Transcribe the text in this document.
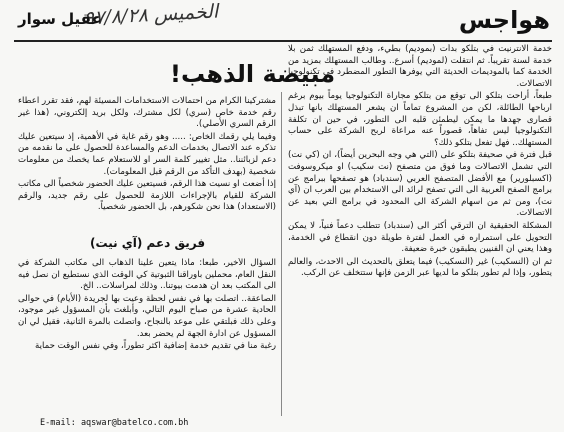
الخميس ٩٧/٨/٢٨	هواجس
عقيل سوار
مبيضة الذهب!

خدمة الانترنيت في بتلكو بدأت (بموديم) بطيء، ودفع المستهلك ثمن بلا خدمة لسنة تقريباً. ثم انتقلت (لموديم) أسرع.. وطالب المستهلك بمزيد من الخدمة كما بالموديمات الحديثة التي يوفرها التطور المضطرد في تكنولوجيا الاتصالات.

طبعاً، أراحت بتلكو الى توقع من بتلكو مجاراة التكنولوجيا يوماً بيوم برغم ارباحها الطائلة، لكن من المشروع تماماً ان يشعر المستهلك بانها تبذل قصارى جهدها ما يمكن ليطمئن قلبه الى التطور، في حين ان تكلفة التكنولوجيا ليس تفاهاً، قصوراً عنه مراعاة لربح الشركة على حساب المستهلك.. فهل تفعل بتلكو ذلك؟

قبل فترة في صحيفة بتلكو على (التي هي وجه البحرين أيضاً)، ان (كي نت) التي تشمل الاتصالات وما فوق من متصفح (نت سكيب) او ميكروسوفت (اكسبلورير) مع الأفضل المتصفح العربي (سندباد) هو تصفحها ببرامج عن برامج الصفح العربية الى التي تصفح لرائد الى الاستخدام بين العرب ان (آي نت)، ومن ثم من اسهام الشركة الى المحدود في برامج التي بعيد عن الاتصالات.

المشكلة الحقيقية ان الترقي أكثر الى (سندباد) تتطلب دعماً فنياً، لا يمكن التحويل على استمراره في العمل لفترة طويلة دون انقطاع في الخدمة، وهذا يعني ان الفنيين يطبقون خبرة ضعيفة.

ثم ان (النسكيب) غير (النسكيب) فيما يتعلق بالتحديث الى الاحدث، والعالم يتطور، وإذا لم تطور بتلكو ما لديها عبر الزمن فإنها ستتخلف عن الركب.

مشتركينا الكرام من احتمالات الاستخدامات المسيئة لهم، فقد تقرر اعطاء رقم خدمة خاص (سري) لكل مشترك، ولكل بريد إلكتروني، (هذا غير الرقم السري الأصلي).

وفيما يلي رقمك الخاص: ..... وهو رقم غاية في الأهمية، إذ سيتعين عليك تذكره عند الاتصال بخدمات الدعم والمساعدة للحصول على ما نقدمه من دعم لزبائننا.. مثل تغيير كلمة السر او للاستعلام عما يخصك من معلومات شخصية (بهدف التأكد من الرقم قبل المعلومات).

إذا أضعت او نسيت هذا الرقم، فسيتعين عليك الحضور شخصياً الى مكاتب الشركة للقيام بالإجراءات اللازمة للحصول على رقم جديد، والرقم (الاستعداد) هذا نحن شكورهم، بل الحضور شخصياً.

فريق دعم (آي نيت)

السؤال الأخير، طبعاً: ماذا يتعين علينا الذهاب الى مكاتب الشركة في النقل العام، محملين باوراقنا الثبوتية كي الوقت الذي نستطيع ان نصل فيه الى المكتب بعد ان هدمت بيوتنا.. وذلك لمراسلات.. الخ.

الصاعقة.. اتصلت بها في نفس لحظة وعيت بها لجريدة (الأيام) في حوالى الحادية عشرة من صباح اليوم التالي، وأبلغت بأن المسؤول غير موجود، وعلى ذلك فبلتقي على موعد بالنجاح، واتصلت بالمرة الثانية، فقيل لي ان المسؤول عن ادارة الجهة لم يحضر بعد.

رغبة منا في تقديم خدمة إضافية اكثر تطوراً، وفي نفس الوقت حماية

E-mail: aqswar@batelco.com.bh
